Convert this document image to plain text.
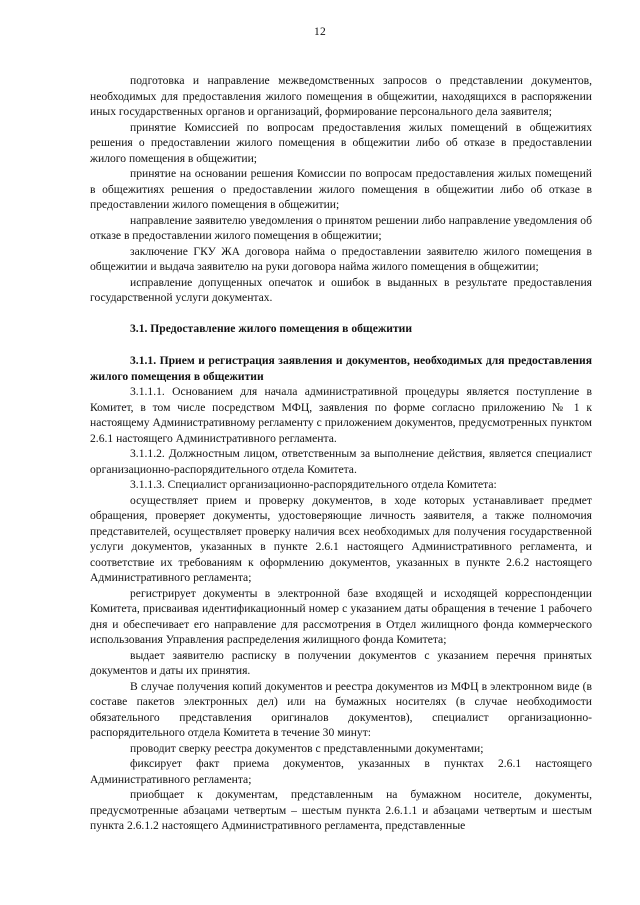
12

подготовка и направление межведомственных запросов о представлении документов, необходимых для предоставления жилого помещения в общежитии, находящихся в распоряжении иных государственных органов и организаций, формирование персонального дела заявителя;

принятие Комиссией по вопросам предоставления жилых помещений в общежитиях решения о предоставлении жилого помещения в общежитии либо об отказе в предоставлении жилого помещения в общежитии;

принятие на основании решения Комиссии по вопросам предоставления жилых помещений в общежитиях решения о предоставлении жилого помещения в общежитии либо об отказе в предоставлении жилого помещения в общежитии;

направление заявителю уведомления о принятом решении либо направление уведомления об отказе в предоставлении жилого помещения в общежитии;

заключение ГКУ ЖА договора найма о предоставлении заявителю жилого помещения в общежитии и выдача заявителю на руки договора найма жилого помещения в общежитии;

исправление допущенных опечаток и ошибок в выданных в результате предоставления государственной услуги документах.

3.1. Предоставление жилого помещения в общежитии

3.1.1. Прием и регистрация заявления и документов, необходимых для предоставления жилого помещения в общежитии

3.1.1.1. Основанием для начала административной процедуры является поступление в Комитет, в том числе посредством МФЦ, заявления по форме согласно приложению № 1 к настоящему Административному регламенту с приложением документов, предусмотренных пунктом 2.6.1 настоящего Административного регламента.

3.1.1.2. Должностным лицом, ответственным за выполнение действия, является специалист организационно-распорядительного отдела Комитета.

3.1.1.3. Специалист организационно-распорядительного отдела Комитета:

осуществляет прием и проверку документов, в ходе которых устанавливает предмет обращения, проверяет документы, удостоверяющие личность заявителя, а также полномочия представителей, осуществляет проверку наличия всех необходимых для получения государственной услуги документов, указанных в пункте 2.6.1 настоящего Административного регламента, и соответствие их требованиям к оформлению документов, указанных в пункте 2.6.2 настоящего Административного регламента;

регистрирует документы в электронной базе входящей и исходящей корреспонденции Комитета, присваивая идентификационный номер с указанием даты обращения в течение 1 рабочего дня и обеспечивает его направление для рассмотрения в Отдел жилищного фонда коммерческого использования Управления распределения жилищного фонда Комитета;

выдает заявителю расписку в получении документов с указанием перечня принятых документов и даты их принятия.

В случае получения копий документов и реестра документов из МФЦ в электронном виде (в составе пакетов электронных дел) или на бумажных носителях (в случае необходимости обязательного представления оригиналов документов), специалист организационно-распорядительного отдела Комитета в течение 30 минут:

проводит сверку реестра документов с представленными документами;

фиксирует факт приема документов, указанных в пунктах 2.6.1 настоящего Административного регламента;

приобщает к документам, представленным на бумажном носителе, документы, предусмотренные абзацами четвертым – шестым пункта 2.6.1.1 и абзацами четвертым и шестым пункта 2.6.1.2 настоящего Административного регламента, представленные
